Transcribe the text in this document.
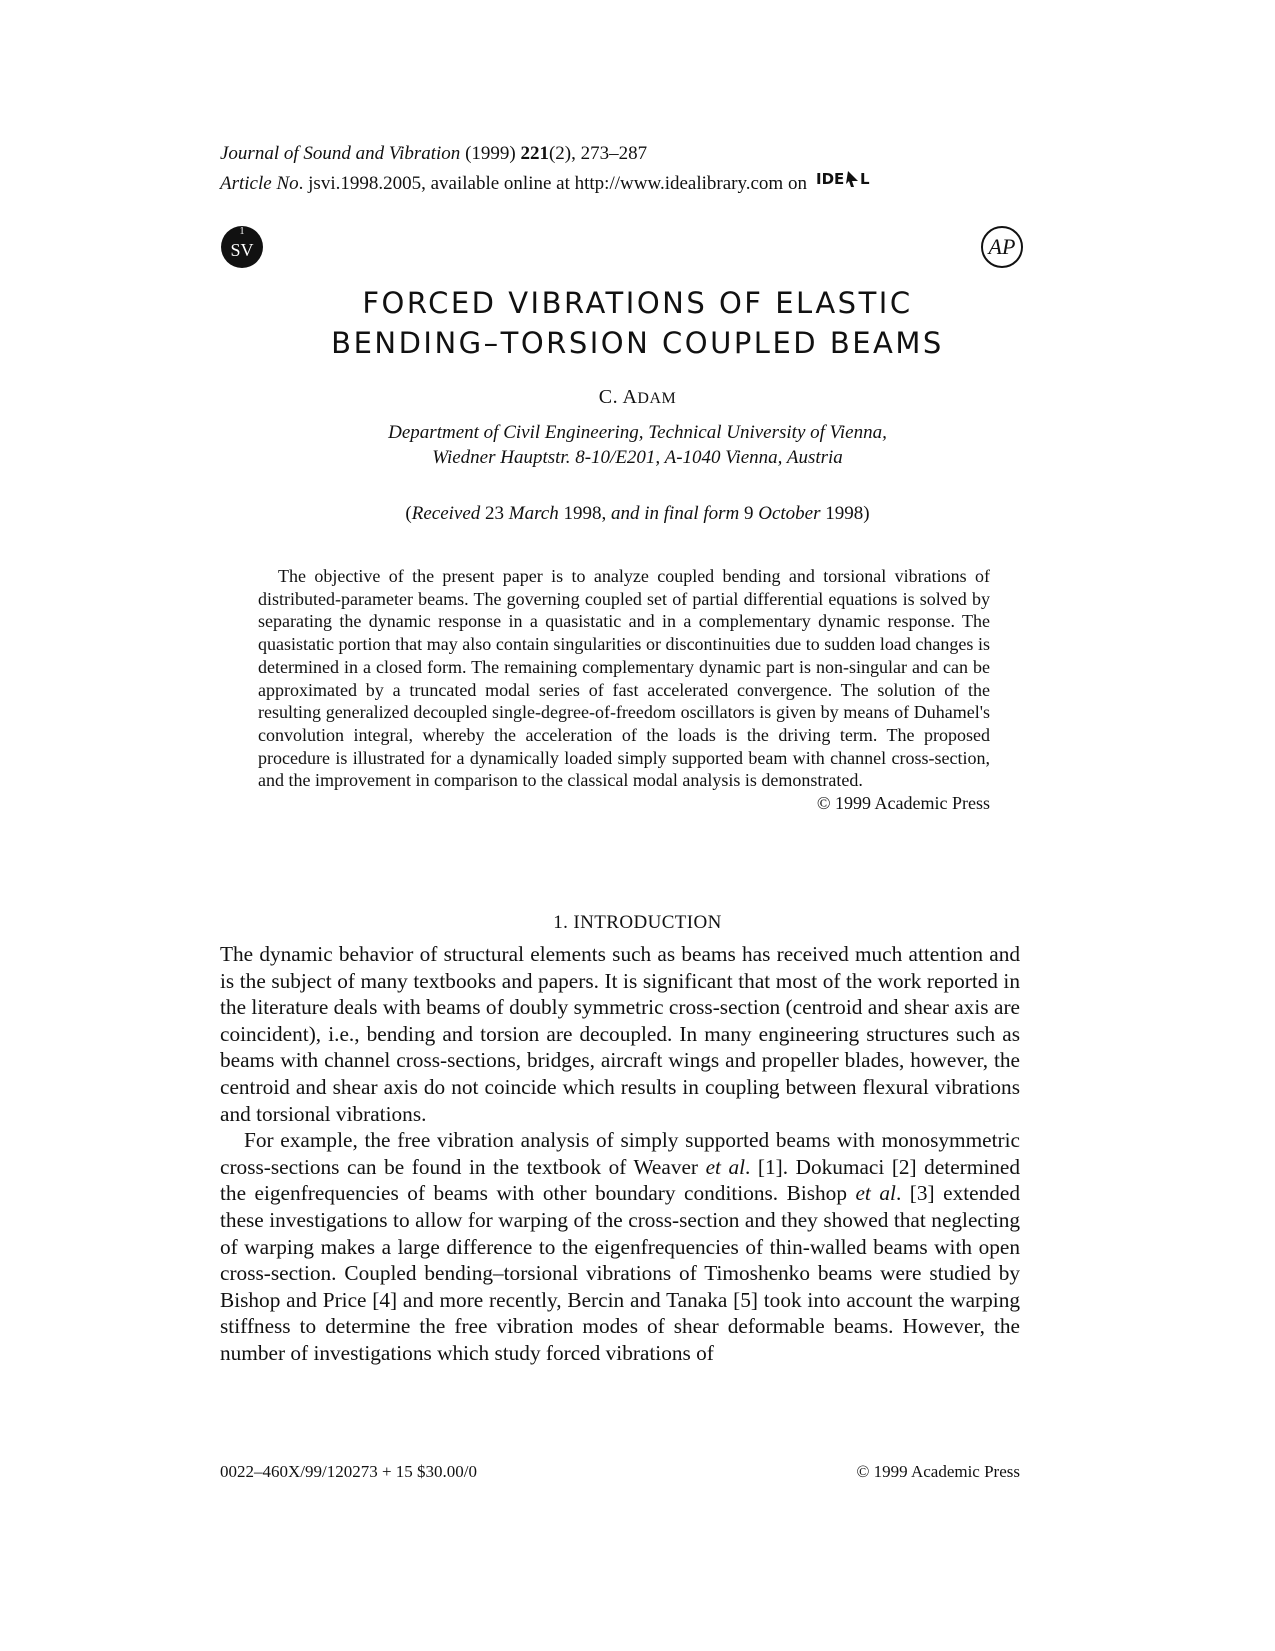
Journal of Sound and Vibration (1999) 221(2), 273–287
Article No. jsvi.1998.2005, available online at http://www.idealibrary.com on IDE L
1
SV	AP
FORCED VIBRATIONS OF ELASTIC
BENDING–TORSION COUPLED BEAMS
C. ADAM
Department of Civil Engineering, Technical University of Vienna,
Wiedner Hauptstr. 8-10/E201, A-1040 Vienna, Austria
(Received 23 March 1998, and in final form 9 October 1998)
The objective of the present paper is to analyze coupled bending and torsional vibrations of distributed-parameter beams. The governing coupled set of partial differential equations is solved by separating the dynamic response in a quasistatic and in a complementary dynamic response. The quasistatic portion that may also contain singularities or discontinuities due to sudden load changes is determined in a closed form. The remaining complementary dynamic part is non-singular and can be approximated by a truncated modal series of fast accelerated convergence. The solution of the resulting generalized decoupled single-degree-of-freedom oscillators is given by means of Duhamel's convolution integral, whereby the acceleration of the loads is the driving term. The proposed procedure is illustrated for a dynamically loaded simply supported beam with channel cross-section, and the improvement in comparison to the classical modal analysis is demonstrated.
© 1999 Academic Press
1. INTRODUCTION

The dynamic behavior of structural elements such as beams has received much attention and is the subject of many textbooks and papers. It is significant that most of the work reported in the literature deals with beams of doubly symmetric cross-section (centroid and shear axis are coincident), i.e., bending and torsion are decoupled. In many engineering structures such as beams with channel cross-sections, bridges, aircraft wings and propeller blades, however, the centroid and shear axis do not coincide which results in coupling between flexural vibrations and torsional vibrations.

For example, the free vibration analysis of simply supported beams with monosymmetric cross-sections can be found in the textbook of Weaver et al. [1]. Dokumaci [2] determined the eigenfrequencies of beams with other boundary conditions. Bishop et al. [3] extended these investigations to allow for warping of the cross-section and they showed that neglecting of warping makes a large difference to the eigenfrequencies of thin-walled beams with open cross-section. Coupled bending–torsional vibrations of Timoshenko beams were studied by Bishop and Price [4] and more recently, Bercin and Tanaka [5] took into account the warping stiffness to determine the free vibration modes of shear deformable beams. However, the number of investigations which study forced vibrations of

0022–460X/99/120273 + 15 $30.00/0	© 1999 Academic Press
